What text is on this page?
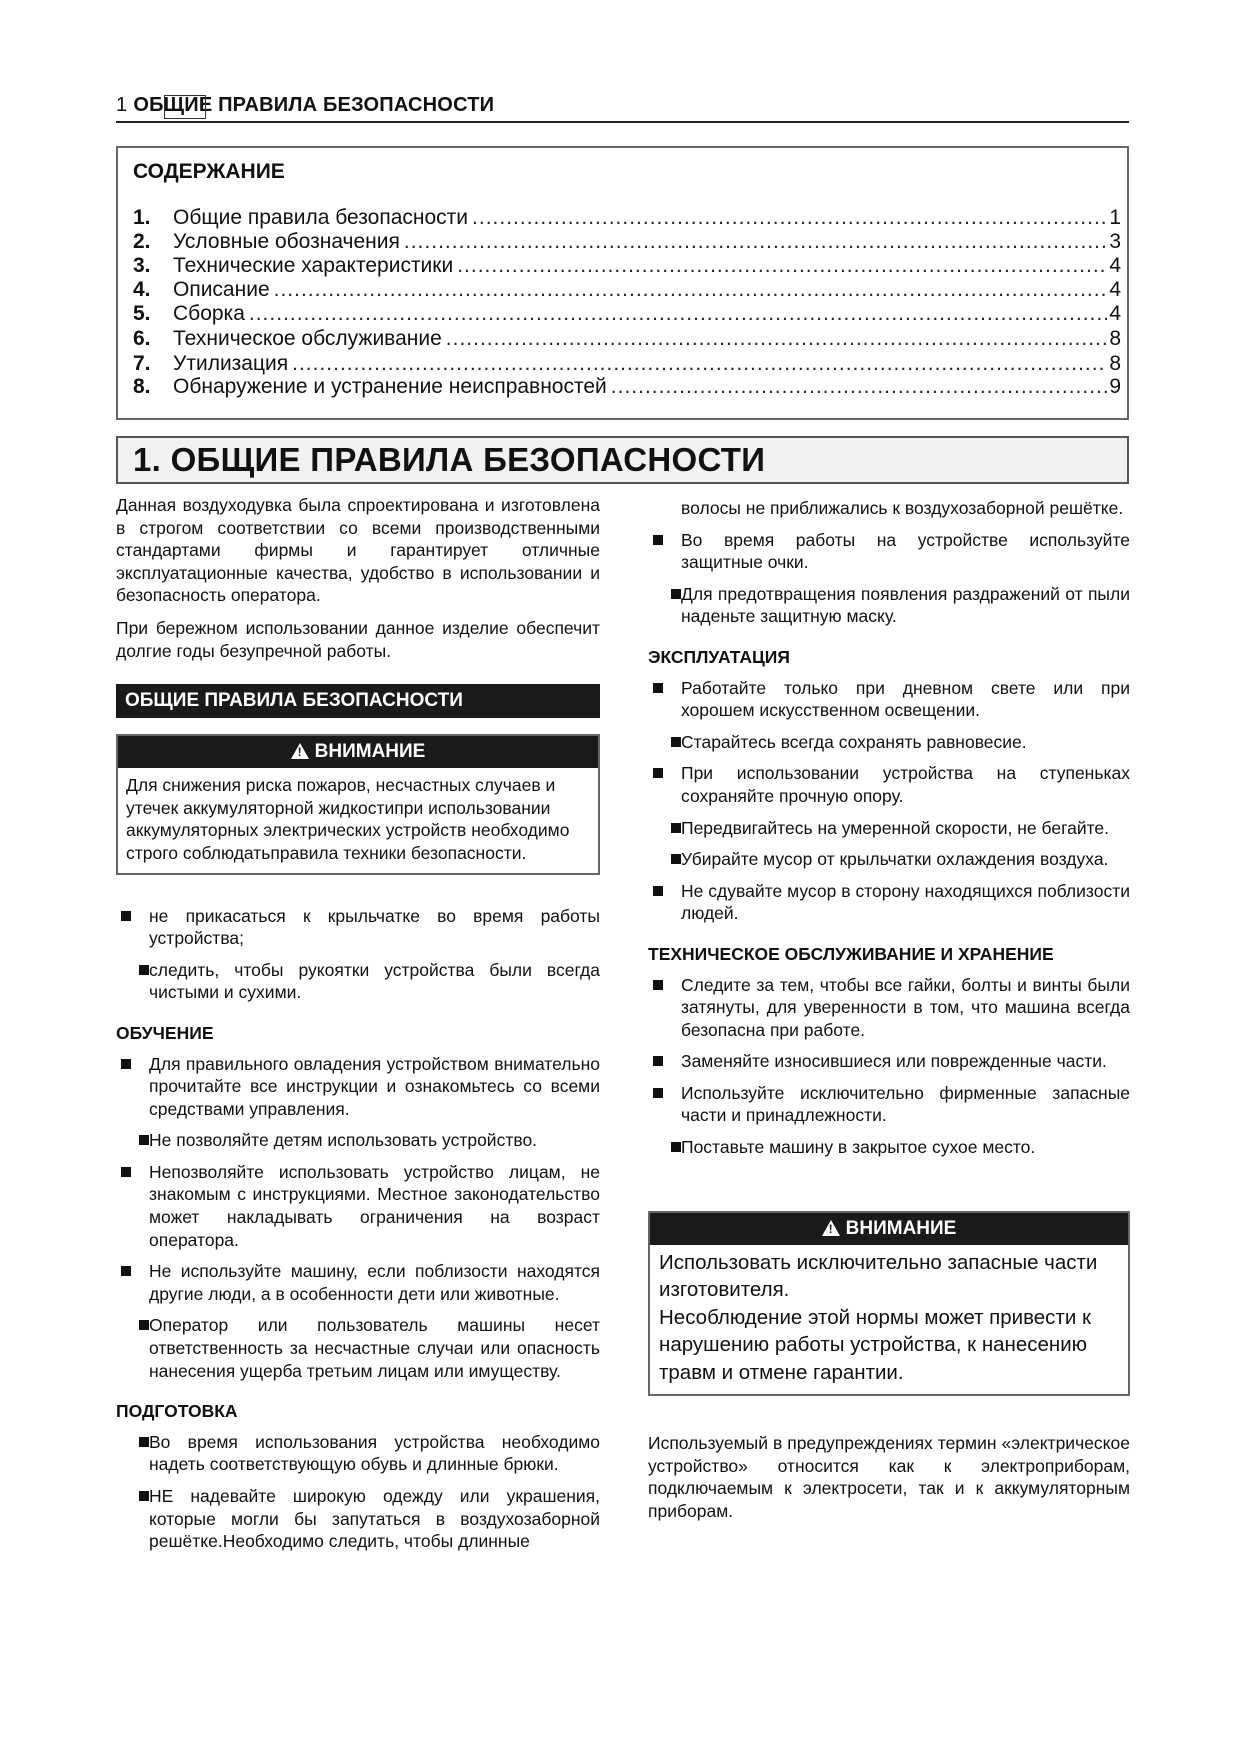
1 ОБЩИЕ ПРАВИЛА БЕЗОПАСНОСТИ
СОДЕРЖАНИЕ
1.	Общие правила безопасности .....	1
2.	Условные обозначения .....	3
3.	Технические характеристики .....	4
4.	Описание .....	4
5.	Сборка .....	4
6.	Техническое обслуживание .....	8
7.	Утилизация .....	8
8.	Обнаружение и устранение неисправностей .....	9
1. ОБЩИЕ ПРАВИЛА БЕЗОПАСНОСТИ

Данная воздуходувка была спроектирована и изготовлена в строгом соответствии со всеми производственными стандартами фирмы и гарантирует отличные эксплуатационные качества, удобство в использовании и безопасность оператора.

При бережном использовании данное изделие обеспечит долгие годы безупречной работы.

ОБЩИЕ ПРАВИЛА БЕЗОПАСНОСТИ
! ВНИМАНИЕ
Для снижения риска пожаров, несчастных случаев и утечек аккумуляторной жидкостипри использовании аккумуляторных электрических устройств необходимо строго соблюдатьправила техники безопасности.
не прикасаться к крыльчатке во время работы устройства;
следить, чтобы рукоятки устройства были всегда чистыми и сухими.
ОБУЧЕНИЕ
Для правильного овладения устройством внимательно прочитайте все инструкции и ознакомьтесь со всеми средствами управления.
Не позволяйте детям использовать устройство.
Непозволяйте использовать устройство лицам, не знакомым с инструкциями. Местное законодательство может накладывать ограничения на возраст оператора.
Не используйте машину, если поблизости находятся другие люди, а в особенности дети или животные.
Оператор или пользователь машины несет ответственность за несчастные случаи или опасность нанесения ущерба третьим лицам или имуществу.
ПОДГОТОВКА
Во время использования устройства необходимо надеть соответствующую обувь и длинные брюки.
НЕ надевайте широкую одежду или украшения, которые могли бы запутаться в воздухозаборной решётке.Необходимо следить, чтобы длинные
волосы не приближались к воздухозаборной решётке.
Во время работы на устройстве используйте защитные очки.
Для предотвращения появления раздражений от пыли наденьте защитную маску.
ЭКСПЛУАТАЦИЯ
Работайте только при дневном свете или при хорошем искусственном освещении.
Старайтесь всегда сохранять равновесие.
При использовании устройства на ступеньках сохраняйте прочную опору.
Передвигайтесь на умеренной скорости, не бегайте.
Убирайте мусор от крыльчатки охлаждения воздуха.
Не сдувайте мусор в сторону находящихся поблизости людей.
ТЕХНИЧЕСКОЕ ОБСЛУЖИВАНИЕ И ХРАНЕНИЕ
Следите за тем, чтобы все гайки, болты и винты были затянуты, для уверенности в том, что машина всегда безопасна при работе.
Заменяйте износившиеся или поврежденные части.
Используйте исключительно фирменные запасные части и принадлежности.
Поставьте машину в закрытое сухое место.
! ВНИМАНИЕ
Использовать исключительно запасные части изготовителя.
Несоблюдение этой нормы может привести к нарушению работы устройства, к нанесению травм и отмене гарантии.

Используемый в предупреждениях термин «электрическое устройство» относится как к электроприборам, подключаемым к электросети, так и к аккумуляторным приборам.
